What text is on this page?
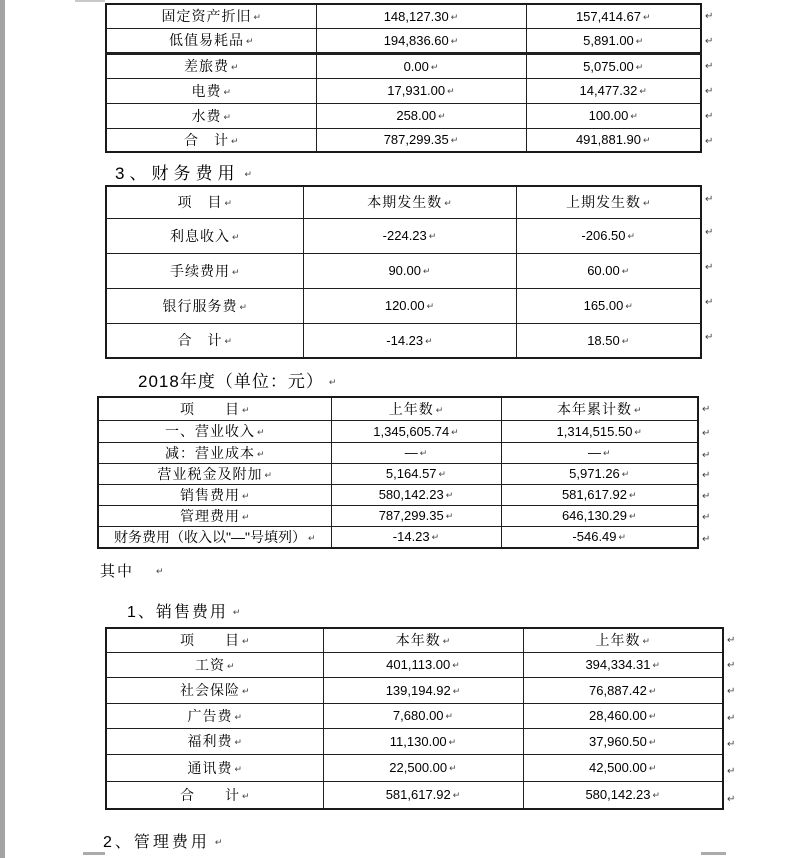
固定资产折旧 ↵	148,127.30 ↵	157,414.67 ↵
低值易耗品 ↵	194,836.60 ↵	5,891.00 ↵
差旅费 ↵	0.00 ↵	5,075.00 ↵
电费 ↵	17,931.00 ↵	14,477.32 ↵
水费 ↵	258.00 ↵	100.00 ↵
合　计 ↵	787,299.35 ↵	491,881.90 ↵
↵
↵
↵
↵
↵
↵
3、财务费用 ↵
项　目 ↵	本期发生数 ↵	上期发生数 ↵
利息收入 ↵	-224.23 ↵	-206.50 ↵
手续费用 ↵	90.00 ↵	60.00 ↵
银行服务费 ↵	120.00 ↵	165.00 ↵
合　计 ↵	-14.23 ↵	18.50 ↵
↵
↵
↵
↵
↵
2018年度（单位：元） ↵
项　　目 ↵	上年数 ↵	本年累计数 ↵
一、营业收入 ↵	1,345,605.74 ↵	1,314,515.50 ↵
减：营业成本 ↵	— ↵	— ↵
营业税金及附加 ↵	5,164.57 ↵	5,971.26 ↵
销售费用 ↵	580,142.23 ↵	581,617.92 ↵
管理费用 ↵	787,299.35 ↵	646,130.29 ↵
财务费用（收入以"—"号填列） ↵	-14.23 ↵	-546.49 ↵
↵
↵
↵
↵
↵
↵
↵
其中 ↵
1、销售费用 ↵
项　　目 ↵	本年数 ↵	上年数 ↵
工资 ↵	401,113.00 ↵	394,334.31 ↵
社会保险 ↵	139,194.92 ↵	76,887.42 ↵
广告费 ↵	7,680.00 ↵	28,460.00 ↵
福利费 ↵	11,130.00 ↵	37,960.50 ↵
通讯费 ↵	22,500.00 ↵	42,500.00 ↵
合　　计 ↵	581,617.92 ↵	580,142.23 ↵
↵
↵
↵
↵
↵
↵
↵
2、管理费用 ↵
